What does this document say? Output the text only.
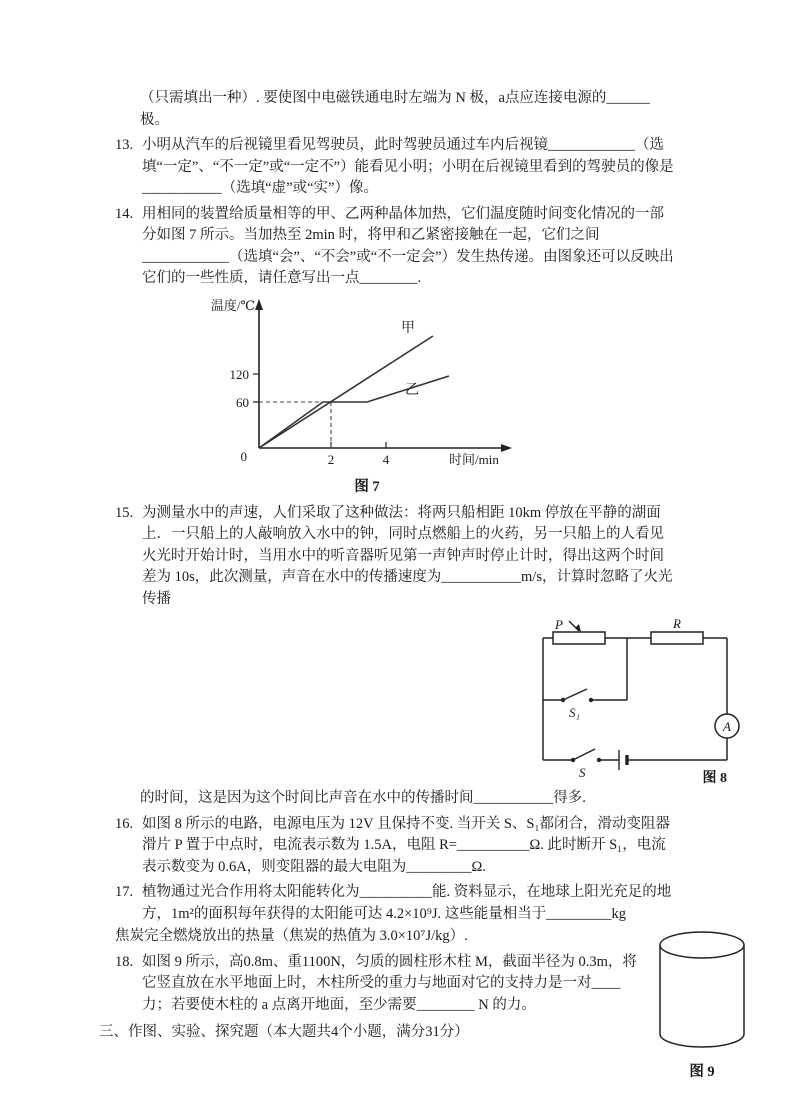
（只需填出一种）. 要使图中电磁铁通电时左端为 N 极，a点应连接电源的______极。

13. 小明从汽车的后视镜里看见驾驶员，此时驾驶员通过车内后视镜____________（选填“一定”、“不一定”或“一定不”）能看见小明；小明在后视镜里看到的驾驶员的像是___________（选填“虚”或“实”）像。
14. 用相同的装置给质量相等的甲、乙两种晶体加热，它们温度随时间变化情况的一部分如图 7 所示。当加热至 2min 时，将甲和乙紧密接触在一起，它们之间____________（选填“会”、“不会”或“不一定会”）发生热传递。由图象还可以反映出它们的一些性质，请任意写出一点________.
温度/℃
时间/min
120
60
0	2	4
甲
乙
图 7
15. 为测量水中的声速，人们采取了这种做法：将两只船相距 10km 停放在平静的湖面上．一只船上的人敲响放入水中的钟，同时点燃船上的火药，另一只船上的人看见火光时开始计时，当用水中的听音器听见第一声钟声时停止计时，得出这两个时间差为 10s，此次测量，声音在水中的传播速度为___________m/s，计算时忽略了火光传播
P	R
S₁
S
A
图 8

的时间，这是因为这个时间比声音在水中的传播时间___________得多.

16. 如图 8 所示的电路，电源电压为 12V 且保持不变. 当开关 S、S₁都闭合，滑动变阻器滑片 P 置于中点时，电流表示数为 1.5A，电阻 R=__________Ω. 此时断开 S₁，电流表示数变为 0.6A，则变阻器的最大电阻为_________Ω.
17. 植物通过光合作用将太阳能转化为__________能. 资料显示，在地球上阳光充足的地方，1m²的面积每年获得的太阳能可达 4.2×10⁹J. 这些能量相当于_________kg

焦炭完全燃烧放出的热量（焦炭的热值为 3.0×10⁷J/kg）.

18. 如图 9 所示，高0.8m、重1100N，匀质的圆柱形木柱 M，截面半径为 0.3m，将它竖直放在水平地面上时，木柱所受的重力与地面对它的支持力是一对____力；若要使木柱的 a 点离开地面，至少需要________ N 的力。

三、作图、实验、探究题（本大题共4个小题，满分31分）

图 9
